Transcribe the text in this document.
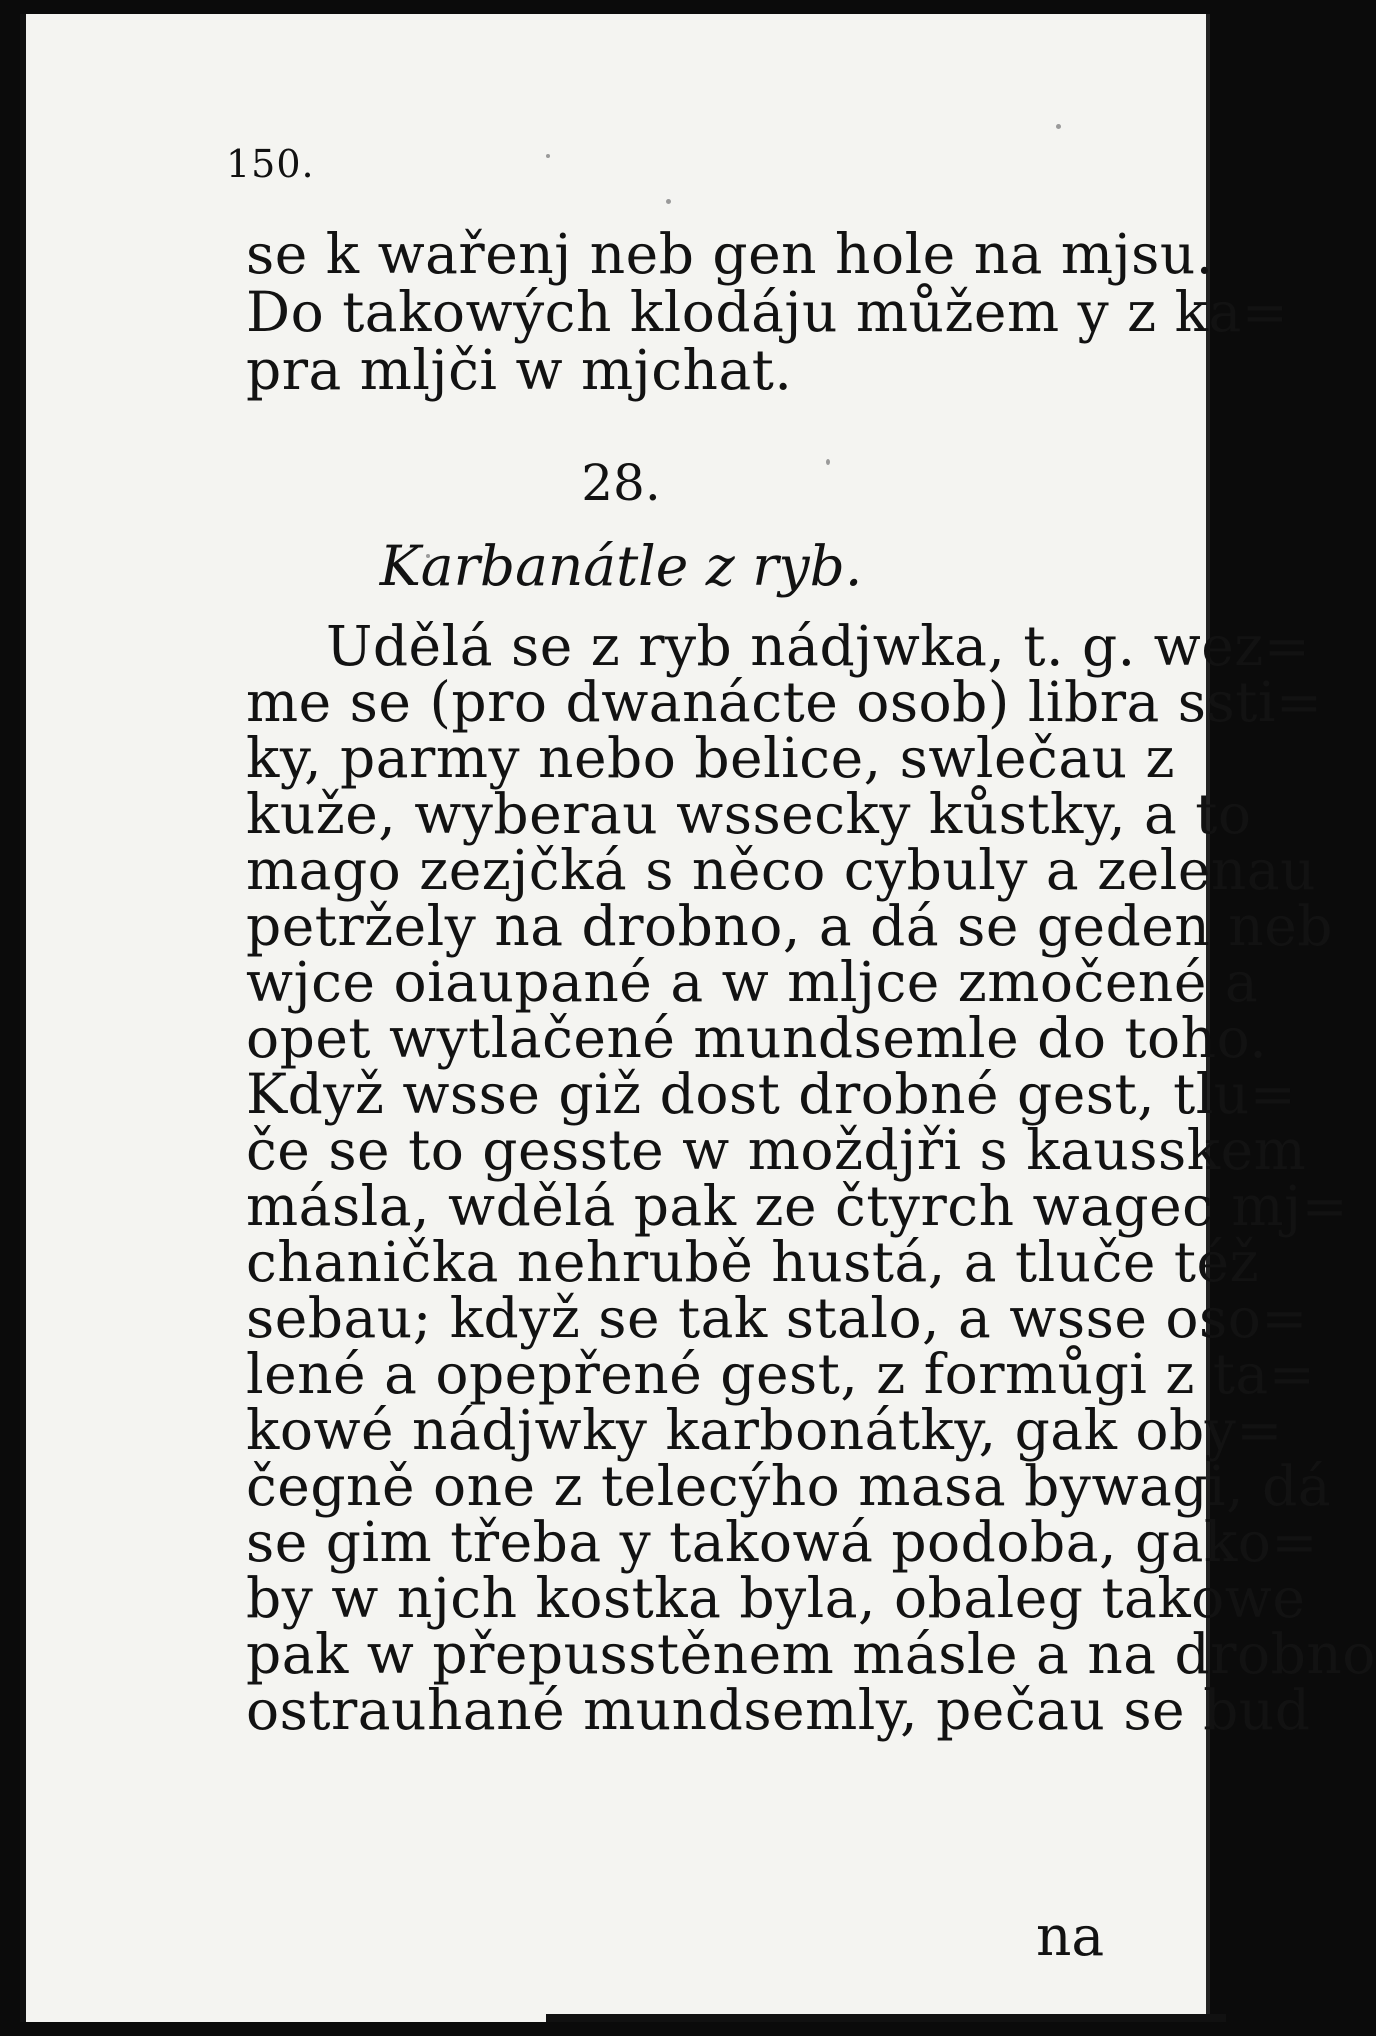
150.
se k wařenj neb gen hole na mjsu.
Do takowých klodáju můžem y z ka=
pra mljči w mjchat.
28.
Karbanátle z ryb.
Udělá se z ryb nádjwka, t. g. wez=
me se (pro dwanácte osob) libra ssti=
ky, parmy nebo belice, swlečau z
kuže, wyberau wssecky kůstky, a to
mago zezjčká s něco cybuly a zelenau
petržely na drobno, a dá se geden neb
wjce oiaupané a w mljce zmočené a
opet wytlačené mundsemle do toho.
Když wsse giž dost drobné gest, tlu=
če se to gesste w moždjři s kausskem
másla, wdělá pak ze čtyrch wagec mj=
chanička nehrubě hustá, a tluče též
sebau; když se tak stalo, a wsse oso=
lené a opepřené gest, z formůgi z ta=
kowé nádjwky karbonátky, gak oby=
čegně one z telecýho masa bywagi, dá
se gim třeba y takowá podoba, gako=
by w njch kostka byla, obaleg takowe
pak w přepusstěnem másle a na drobno
ostrauhané mundsemly, pečau se bud
na
